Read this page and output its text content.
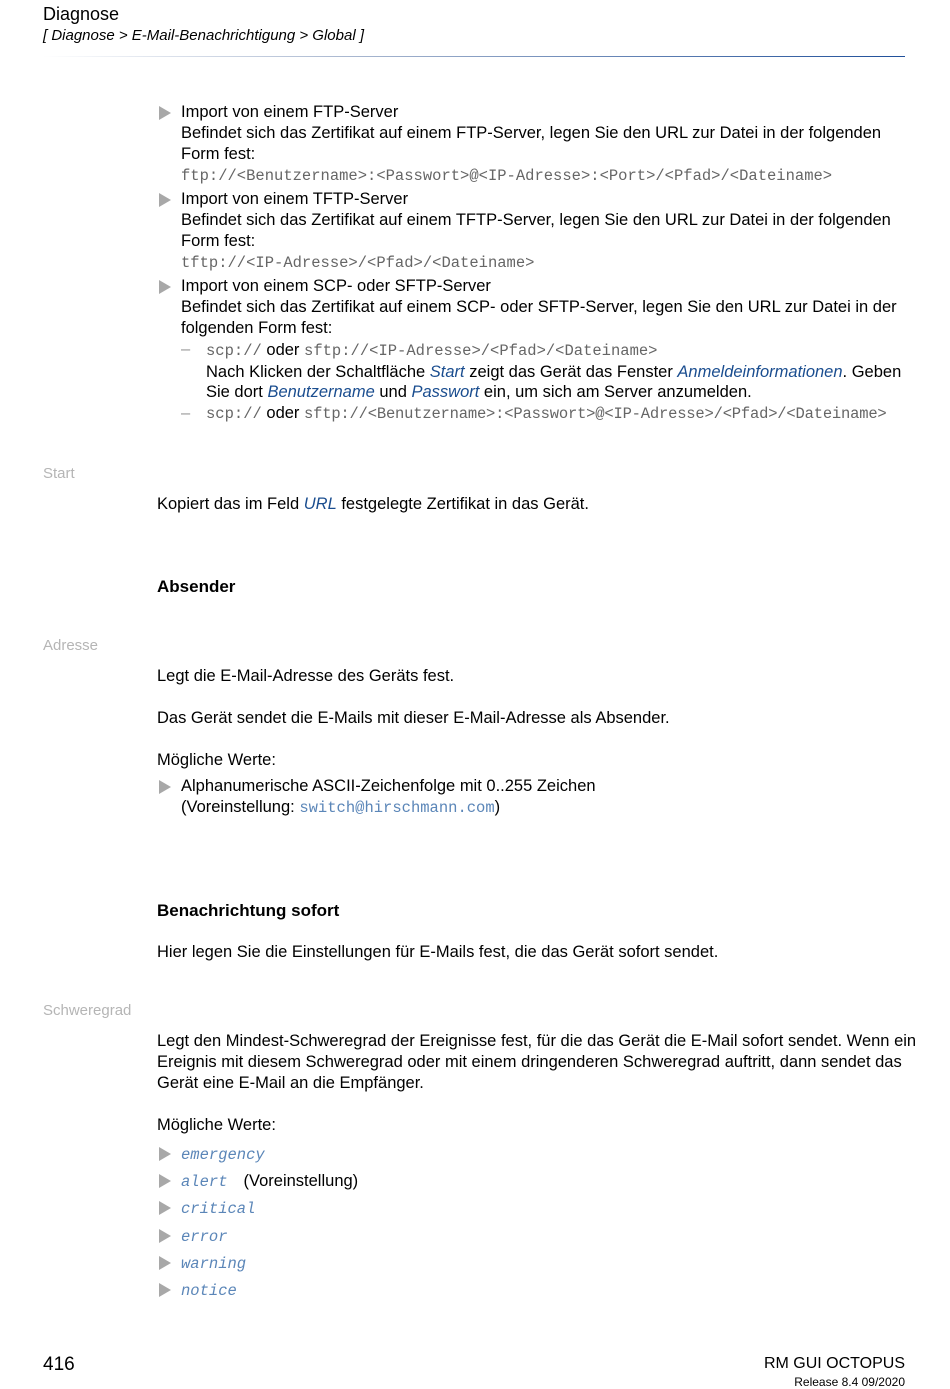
Diagnose
[ Diagnose > E-Mail-Benachrichtigung > Global ]
Import von einem FTP-Server
Befindet sich das Zertifikat auf einem FTP-Server, legen Sie den URL zur Datei in der folgenden Form fest:
ftp://<Benutzername>:<Passwort>@<IP-Adresse>:<Port>/<Pfad>/<Dateiname>
Import von einem TFTP-Server
Befindet sich das Zertifikat auf einem TFTP-Server, legen Sie den URL zur Datei in der folgenden Form fest:
tftp://<IP-Adresse>/<Pfad>/<Dateiname>
Import von einem SCP- oder SFTP-Server
Befindet sich das Zertifikat auf einem SCP- oder SFTP-Server, legen Sie den URL zur Datei in der folgenden Form fest:
– scp:// oder sftp://<IP-Adresse>/<Pfad>/<Dateiname>
Nach Klicken der Schaltfläche Start zeigt das Gerät das Fenster Anmeldeinformationen. Geben Sie dort Benutzername und Passwort ein, um sich am Server anzumelden.
– scp:// oder sftp://<Benutzername>:<Passwort>@<IP-Adresse>/<Pfad>/<Dateiname>
Start
Kopiert das im Feld URL festgelegte Zertifikat in das Gerät.
Absender
Adresse
Legt die E-Mail-Adresse des Geräts fest.
Das Gerät sendet die E-Mails mit dieser E-Mail-Adresse als Absender.
Mögliche Werte:
Alphanumerische ASCII-Zeichenfolge mit 0..255 Zeichen
(Voreinstellung: switch@hirschmann.com)
Benachrichtung sofort
Hier legen Sie die Einstellungen für E-Mails fest, die das Gerät sofort sendet.
Schweregrad
Legt den Mindest-Schweregrad der Ereignisse fest, für die das Gerät die E-Mail sofort sendet. Wenn ein Ereignis mit diesem Schweregrad oder mit einem dringenderen Schweregrad auftritt, dann sendet das Gerät eine E-Mail an die Empfänger.
Mögliche Werte:
emergency
alert (Voreinstellung)
critical
error
warning
notice
416	RM GUI OCTOPUS
Release 8.4 09/2020
